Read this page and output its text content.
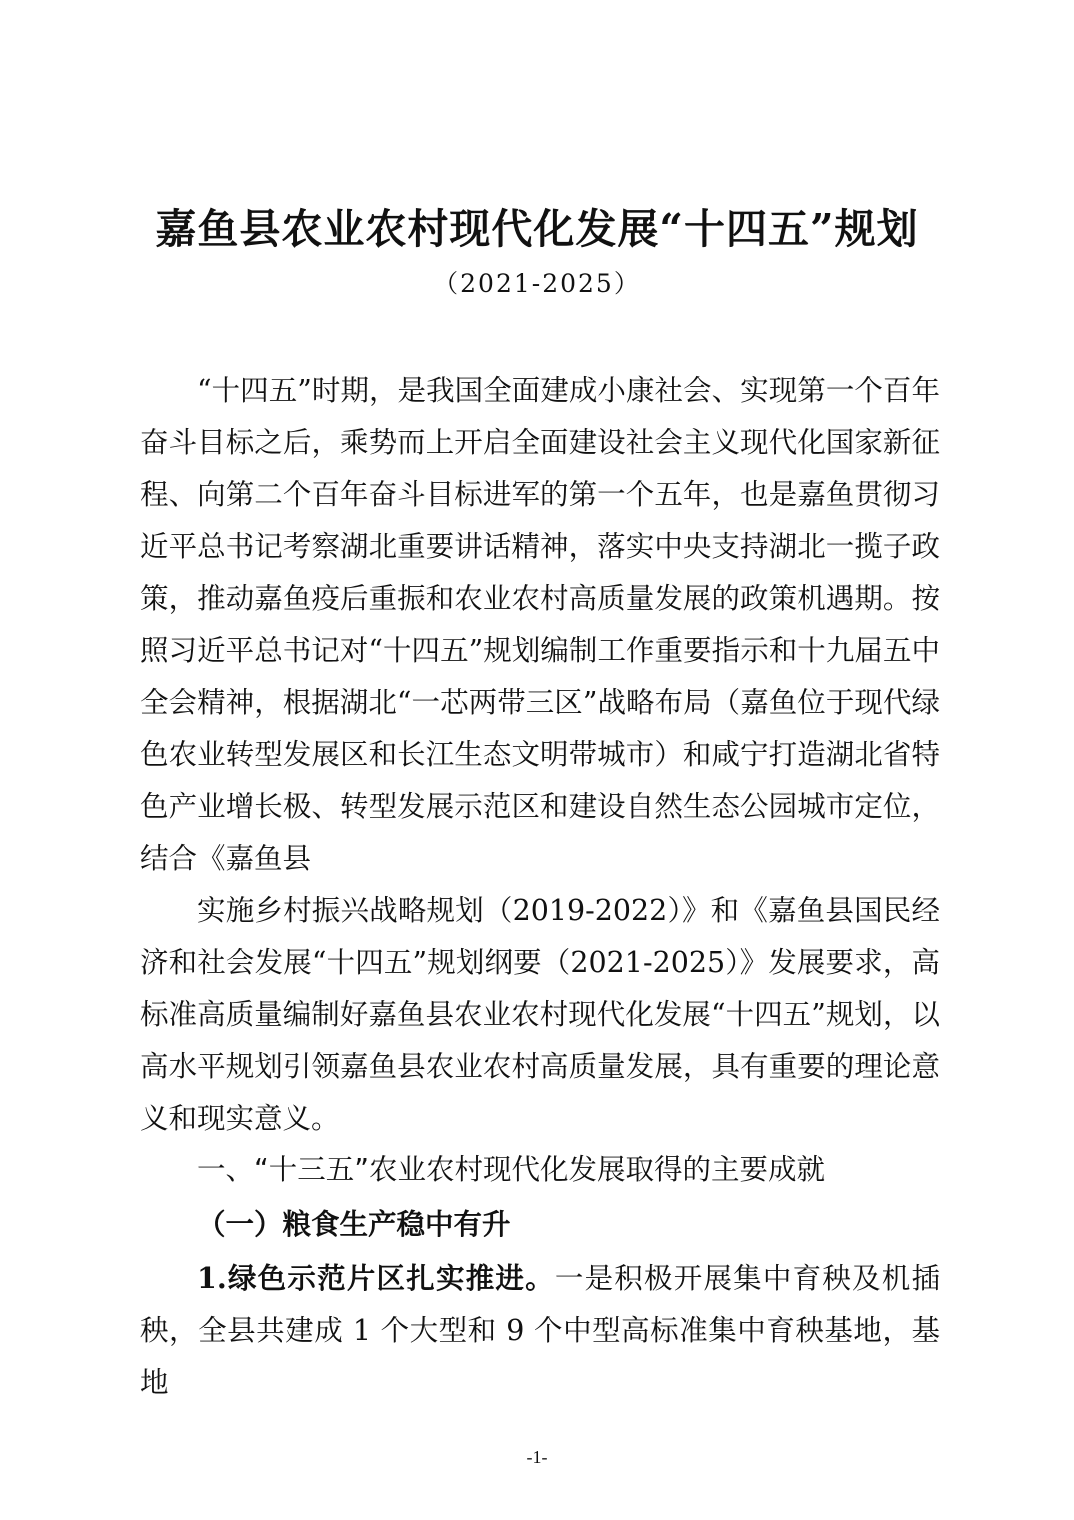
嘉鱼县农业农村现代化发展“十四五”规划
（2021-2025）

“十四五”时期，是我国全面建成小康社会、实现第一个百年奋斗目标之后，乘势而上开启全面建设社会主义现代化国家新征程、向第二个百年奋斗目标进军的第一个五年，也是嘉鱼贯彻习近平总书记考察湖北重要讲话精神，落实中央支持湖北一揽子政策，推动嘉鱼疫后重振和农业农村高质量发展的政策机遇期。按照习近平总书记对“十四五”规划编制工作重要指示和十九届五中全会精神，根据湖北“一芯两带三区”战略布局（嘉鱼位于现代绿色农业转型发展区和长江生态文明带城市）和咸宁打造湖北省特色产业增长极、转型发展示范区和建设自然生态公园城市定位，结合《嘉鱼县

实施乡村振兴战略规划（2019-2022）》和《嘉鱼县国民经济和社会发展“十四五”规划纲要（2021-2025）》发展要求，高标准高质量编制好嘉鱼县农业农村现代化发展“十四五”规划，以高水平规划引领嘉鱼县农业农村高质量发展，具有重要的理论意义和现实意义。

一、“十三五”农业农村现代化发展取得的主要成就
（一）粮食生产稳中有升

1.绿色示范片区扎实推进。一是积极开展集中育秧及机插秧，全县共建成 1 个大型和 9 个中型高标准集中育秧基地，基地

-1-
